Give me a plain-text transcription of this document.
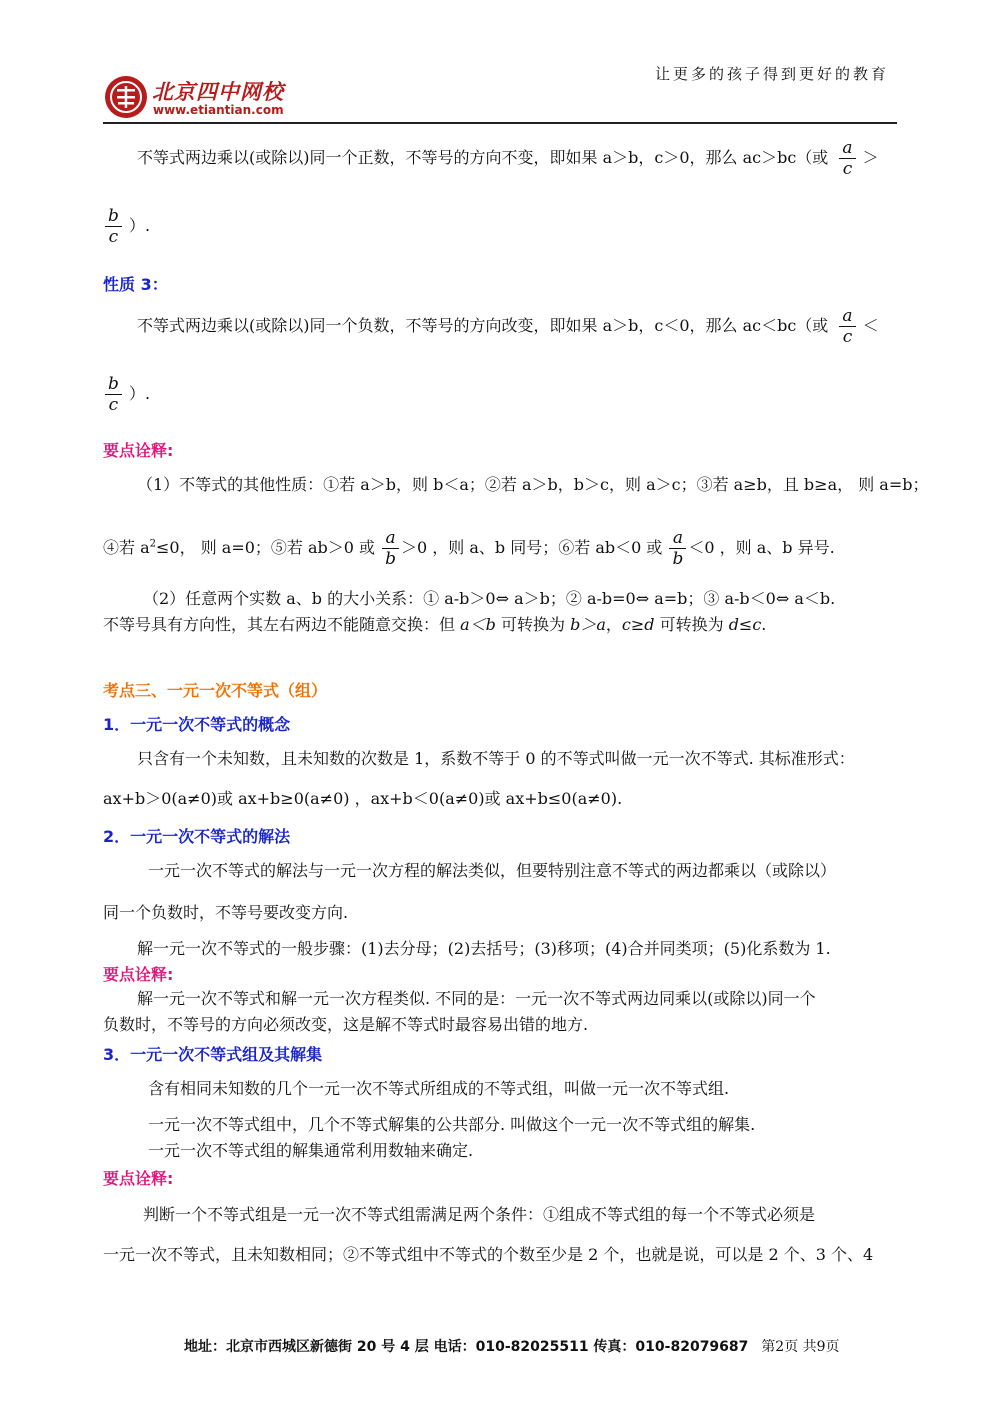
北京四中网校
www.etiantian.com
让更多的孩子得到更好的教育
不等式两边乘以(或除以)同一个正数，不等号的方向不变，即如果 a＞b，c＞0，那么 ac＞bc（或 $\frac{a}{c}$ ＞
$\frac{b}{c}$ ）.
性质 3：
不等式两边乘以(或除以)同一个负数，不等号的方向改变，即如果 a＞b，c＜0，那么 ac＜bc（或 $\frac{a}{c}$ ＜
$\frac{b}{c}$ ）.
要点诠释:
（1）不等式的其他性质：①若 a＞b，则 b＜a；②若 a＞b，b＞c，则 a＞c；③若 a≥b，且 b≥a， 则 a=b；
④若 $a^2\le 0$， 则 a=0；⑤若 ab＞0 或 $\frac{a}{b} >0$ ，则 a、b 同号；⑥若 ab＜0 或 $\frac{a}{b} <0$ ，则 a、b 异号.
（2）任意两个实数 a、b 的大小关系：① a-b＞0⇔ a＞b；② a-b=0⇔ a=b；③ a-b＜0⇔ a＜b.
不等号具有方向性，其左右两边不能随意交换：但 a＜b 可转换为 b＞a，c≥d 可转换为 d≤c.
考点三、一元一次不等式（组）
1．一元一次不等式的概念
只含有一个未知数，且未知数的次数是 1，系数不等于 0 的不等式叫做一元一次不等式. 其标准形式：
ax+b＞0(a≠0)或 ax+b≥0(a≠0) ，ax+b＜0(a≠0)或 ax+b≤0(a≠0).
2．一元一次不等式的解法
一元一次不等式的解法与一元一次方程的解法类似，但要特别注意不等式的两边都乘以（或除以）
同一个负数时，不等号要改变方向.
解一元一次不等式的一般步骤：(1)去分母；(2)去括号；(3)移项；(4)合并同类项；(5)化系数为 1.
要点诠释:
解一元一次不等式和解一元一次方程类似. 不同的是：一元一次不等式两边同乘以(或除以)同一个
负数时，不等号的方向必须改变，这是解不等式时最容易出错的地方.
3．一元一次不等式组及其解集
含有相同未知数的几个一元一次不等式所组成的不等式组，叫做一元一次不等式组.
一元一次不等式组中，几个不等式解集的公共部分. 叫做这个一元一次不等式组的解集.
一元一次不等式组的解集通常利用数轴来确定.
要点诠释:
判断一个不等式组是一元一次不等式组需满足两个条件：①组成不等式组的每一个不等式必须是
一元一次不等式，且未知数相同；②不等式组中不等式的个数至少是 2 个，也就是说，可以是 2 个、3 个、4
地址：北京市西城区新德街 20 号 4 层 电话：010-82025511 传真：010-82079687 第2页 共9页
